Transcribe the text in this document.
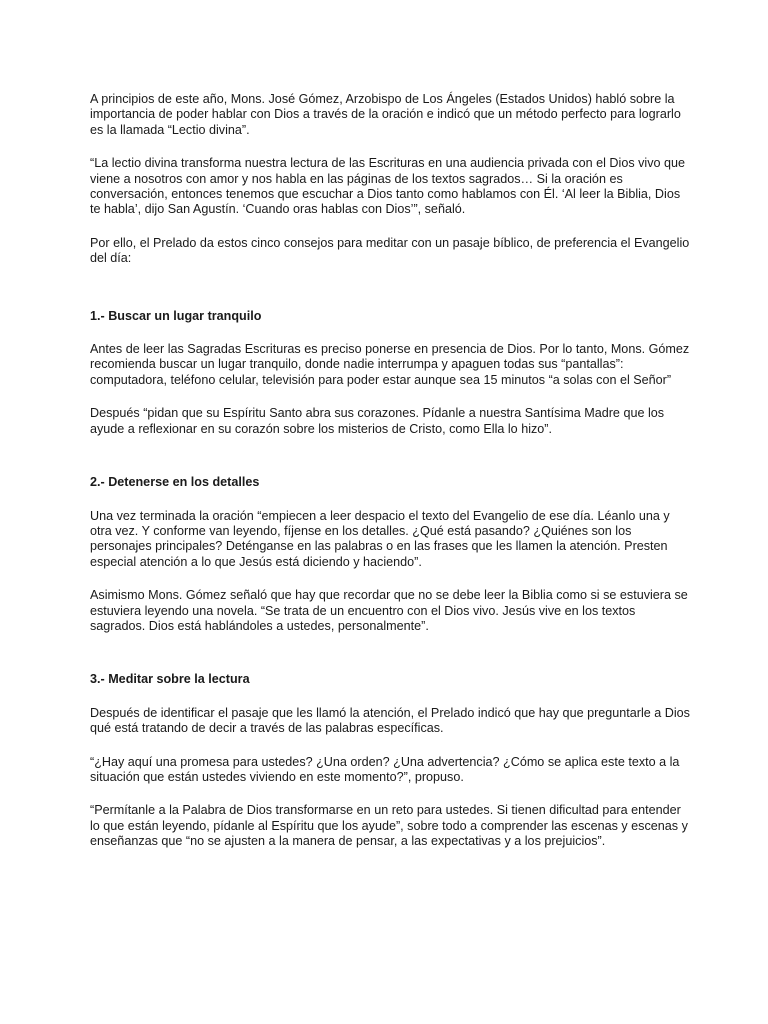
A principios de este año, Mons. José Gómez, Arzobispo de Los Ángeles (Estados Unidos) habló sobre la importancia de poder hablar con Dios a través de la oración e indicó que un método perfecto para lograrlo es la llamada “Lectio divina”.

“La lectio divina transforma nuestra lectura de las Escrituras en una audiencia privada con el Dios vivo que viene a nosotros con amor y nos habla en las páginas de los textos sagrados… Si la oración es conversación, entonces tenemos que escuchar a Dios tanto como hablamos con Él. ‘Al leer la Biblia, Dios te habla’, dijo San Agustín. ‘Cuando oras hablas con Dios’”, señaló.

Por ello, el Prelado da estos cinco consejos para meditar con un pasaje bíblico, de preferencia el Evangelio del día:

1.- Buscar un lugar tranquilo

Antes de leer las Sagradas Escrituras es preciso ponerse en presencia de Dios. Por lo tanto, Mons. Gómez recomienda buscar un lugar tranquilo, donde nadie interrumpa y apaguen todas sus “pantallas”: computadora, teléfono celular, televisión para poder estar aunque sea 15 minutos “a solas con el Señor”

Después “pidan que su Espíritu Santo abra sus corazones. Pídanle a nuestra Santísima Madre que los ayude a reflexionar en su corazón sobre los misterios de Cristo, como Ella lo hizo”.

2.- Detenerse en los detalles

Una vez terminada la oración “empiecen a leer despacio el texto del Evangelio de ese día. Léanlo una y otra vez. Y conforme van leyendo, fíjense en los detalles. ¿Qué está pasando? ¿Quiénes son los personajes principales? Deténganse en las palabras o en las frases que les llamen la atención. Presten especial atención a lo que Jesús está diciendo y haciendo”.

Asimismo Mons. Gómez señaló que hay que recordar que no se debe leer la Biblia como si se estuviera se estuviera leyendo una novela. “Se trata de un encuentro con el Dios vivo. Jesús vive en los textos sagrados. Dios está hablándoles a ustedes, personalmente”.

3.- Meditar sobre la lectura

Después de identificar el pasaje que les llamó la atención, el Prelado indicó que hay que preguntarle a Dios qué está tratando de decir a través de las palabras específicas.

“¿Hay aquí una promesa para ustedes? ¿Una orden? ¿Una advertencia? ¿Cómo se aplica este texto a la situación que están ustedes viviendo en este momento?”, propuso.

“Permítanle a la Palabra de Dios transformarse en un reto para ustedes. Si tienen dificultad para entender lo que están leyendo, pídanle al Espíritu que los ayude”, sobre todo a comprender las escenas y escenas y enseñanzas que “no se ajusten a la manera de pensar, a las expectativas y a los prejuicios”.
